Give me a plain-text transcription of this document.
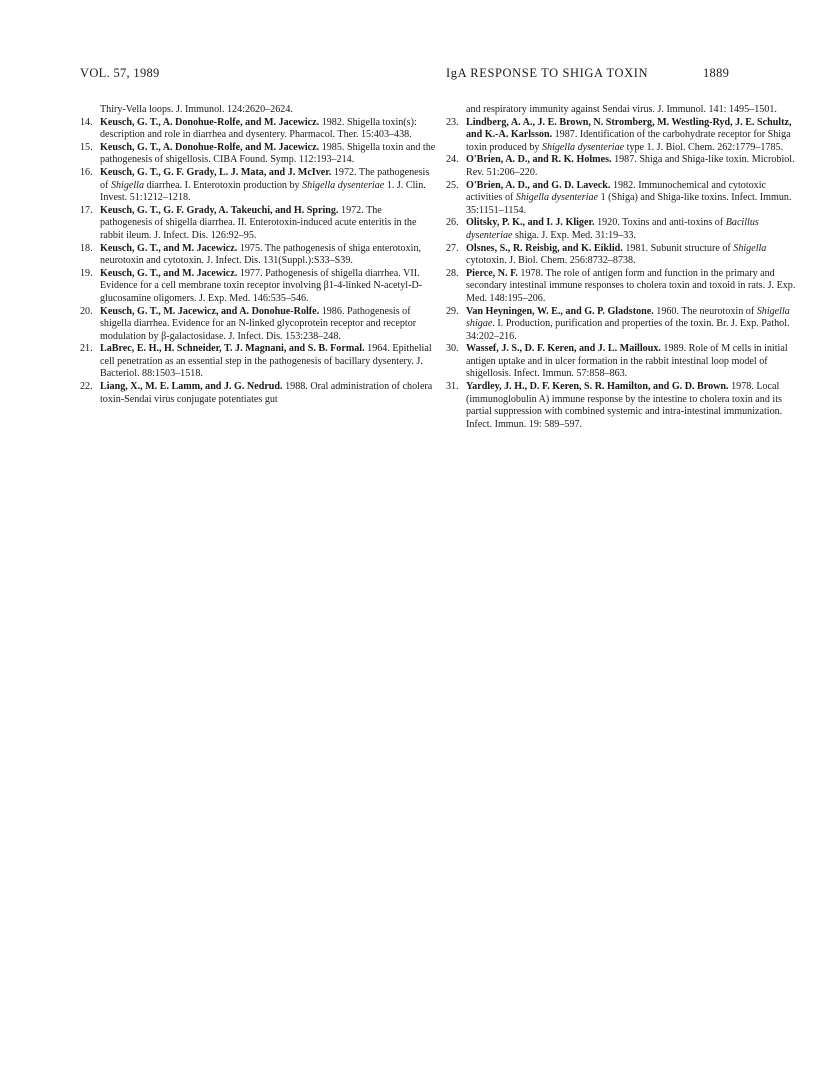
VOL. 57, 1989	IgA RESPONSE TO SHIGA TOXIN	1889

Thiry-Vella loops. J. Immunol. 124:2620–2624.

14. Keusch, G. T., A. Donohue-Rolfe, and M. Jacewicz. 1982. Shigella toxin(s): description and role in diarrhea and dysentery. Pharmacol. Ther. 15:403–438.

15. Keusch, G. T., A. Donohue-Rolfe, and M. Jacewicz. 1985. Shigella toxin and the pathogenesis of shigellosis. CIBA Found. Symp. 112:193–214.

16. Keusch, G. T., G. F. Grady, L. J. Mata, and J. McIver. 1972. The pathogenesis of Shigella diarrhea. I. Enterotoxin production by Shigella dysenteriae 1. J. Clin. Invest. 51:1212–1218.

17. Keusch, G. T., G. F. Grady, A. Takeuchi, and H. Spring. 1972. The pathogenesis of shigella diarrhea. II. Enterotoxin-induced acute enteritis in the rabbit ileum. J. Infect. Dis. 126:92–95.

18. Keusch, G. T., and M. Jacewicz. 1975. The pathogenesis of shiga enterotoxin, neurotoxin and cytotoxin. J. Infect. Dis. 131(Suppl.):S33–S39.

19. Keusch, G. T., and M. Jacewicz. 1977. Pathogenesis of shigella diarrhea. VII. Evidence for a cell membrane toxin receptor involving β1-4-linked N-acetyl-D-glucosamine oligomers. J. Exp. Med. 146:535–546.

20. Keusch, G. T., M. Jacewicz, and A. Donohue-Rolfe. 1986. Pathogenesis of shigella diarrhea. Evidence for an N-linked glycoprotein receptor and receptor modulation by β-galactosidase. J. Infect. Dis. 153:238–248.

21. LaBrec, E. H., H. Schneider, T. J. Magnani, and S. B. Formal. 1964. Epithelial cell penetration as an essential step in the pathogenesis of bacillary dysentery. J. Bacteriol. 88:1503–1518.

22. Liang, X., M. E. Lamm, and J. G. Nedrud. 1988. Oral administration of cholera toxin-Sendai virus conjugate potentiates gut

and respiratory immunity against Sendai virus. J. Immunol. 141: 1495–1501.

23. Lindberg, A. A., J. E. Brown, N. Stromberg, M. Westling-Ryd, J. E. Schultz, and K.-A. Karlsson. 1987. Identification of the carbohydrate receptor for Shiga toxin produced by Shigella dysenteriae type 1. J. Biol. Chem. 262:1779–1785.

24. O'Brien, A. D., and R. K. Holmes. 1987. Shiga and Shiga-like toxin. Microbiol. Rev. 51:206–220.

25. O'Brien, A. D., and G. D. Laveck. 1982. Immunochemical and cytotoxic activities of Shigella dysenteriae 1 (Shiga) and Shiga-like toxins. Infect. Immun. 35:1151–1154.

26. Olitsky, P. K., and I. J. Kliger. 1920. Toxins and anti-toxins of Bacillus dysenteriae shiga. J. Exp. Med. 31:19–33.

27. Olsnes, S., R. Reisbig, and K. Eiklid. 1981. Subunit structure of Shigella cytotoxin. J. Biol. Chem. 256:8732–8738.

28. Pierce, N. F. 1978. The role of antigen form and function in the primary and secondary intestinal immune responses to cholera toxin and toxoid in rats. J. Exp. Med. 148:195–206.

29. Van Heyningen, W. E., and G. P. Gladstone. 1960. The neurotoxin of Shigella shigae. I. Production, purification and properties of the toxin. Br. J. Exp. Pathol. 34:202–216.

30. Wassef, J. S., D. F. Keren, and J. L. Mailloux. 1989. Role of M cells in initial antigen uptake and in ulcer formation in the rabbit intestinal loop model of shigellosis. Infect. Immun. 57:858–863.

31. Yardley, J. H., D. F. Keren, S. R. Hamilton, and G. D. Brown. 1978. Local (immunoglobulin A) immune response by the intestine to cholera toxin and its partial suppression with combined systemic and intra-intestinal immunization. Infect. Immun. 19: 589–597.
